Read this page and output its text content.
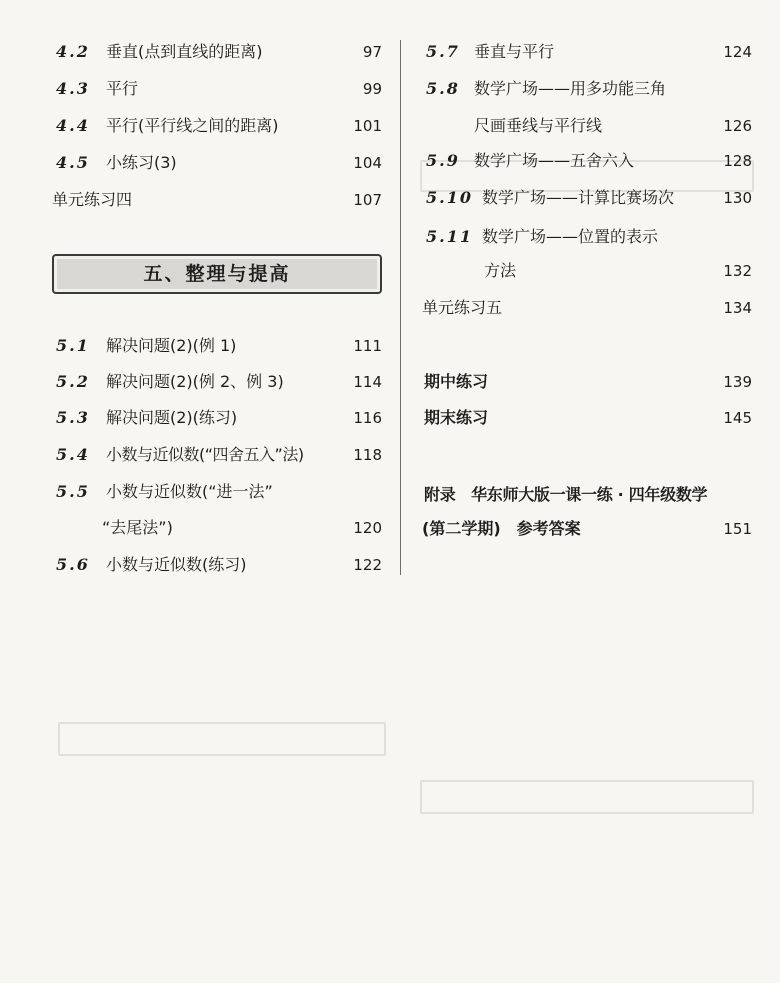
4.2 垂直(点到直线的距离)	97
4.3 平行	99
4.4 平行(平行线之间的距离)	101
4.5 小练习(3)	104
单元练习四	107
五、整理与提高
5.1 解决问题(2)(例 1)	111
5.2 解决问题(2)(例 2、例 3)	114
5.3 解决问题(2)(练习)	116
5.4 小数与近似数(“四舍五入”法)	118
5.5 小数与近似数(“进一法”
“去尾法”)	120
5.6 小数与近似数(练习)	122
5.7 垂直与平行	124
5.8 数学广场——用多功能三角
尺画垂线与平行线	126
5.9 数学广场——五舍六入	128
5.10 数学广场——计算比赛场次	130
5.11 数学广场——位置的表示
方法	132
单元练习五	134
期中练习	139
期末练习	145
附录　华东师大版一课一练 · 四年级数学
(第二学期)　参考答案	151
